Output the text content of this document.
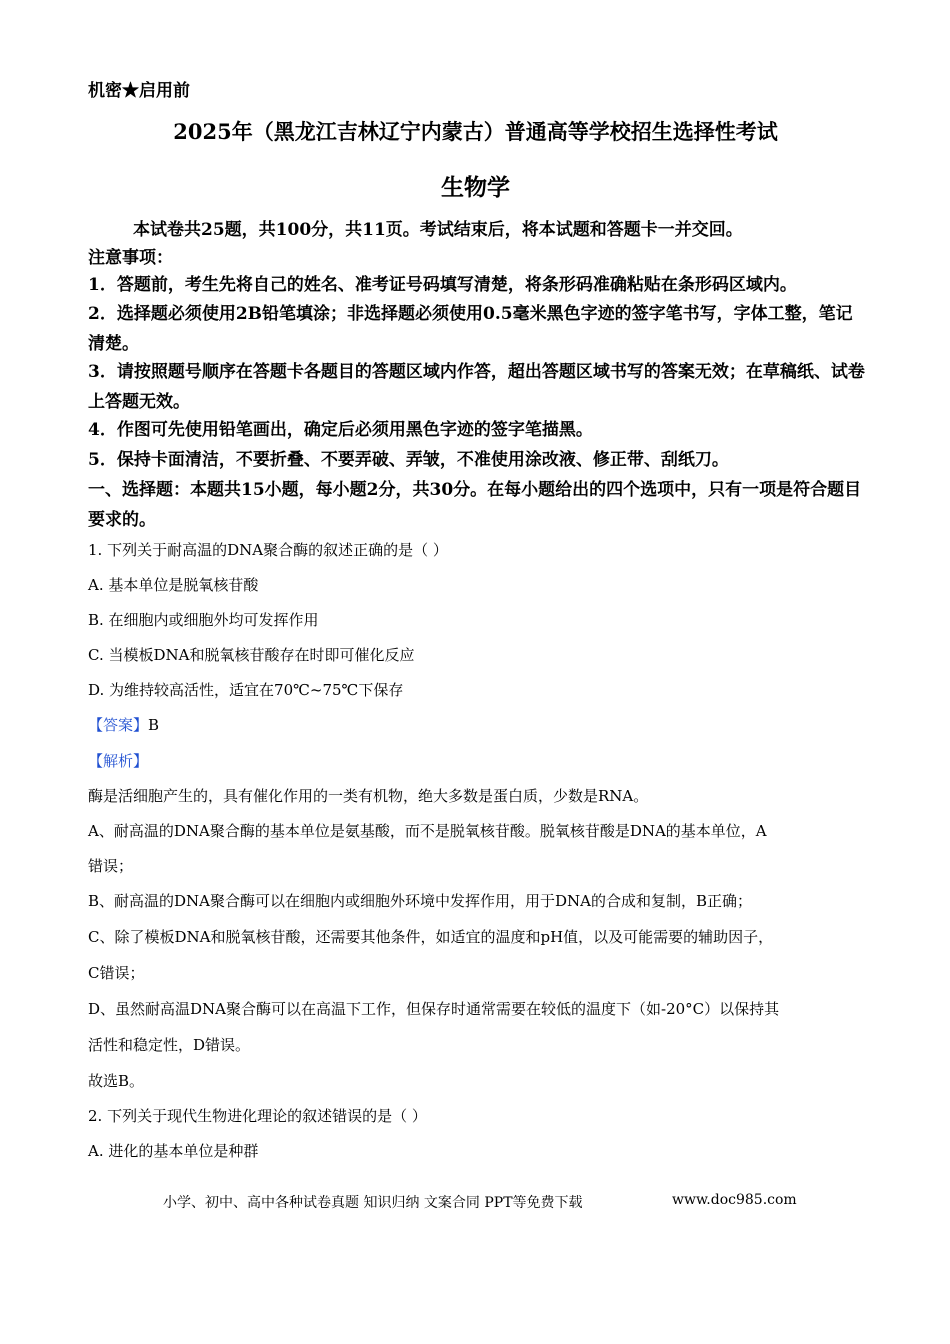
机密★启用前
2025年（黑龙江吉林辽宁内蒙古）普通高等学校招生选择性考试
生物学
本试卷共25题，共100分，共11页。考试结束后，将本试题和答题卡一并交回。
注意事项：
1．答题前，考生先将自己的姓名、准考证号码填写清楚，将条形码准确粘贴在条形码区域内。
2．选择题必须使用2B铅笔填涂；非选择题必须使用0.5毫米黑色字迹的签字笔书写，字体工整，笔记清楚。
3．请按照题号顺序在答题卡各题目的答题区域内作答，超出答题区域书写的答案无效；在草稿纸、试卷上答题无效。
4．作图可先使用铅笔画出，确定后必须用黑色字迹的签字笔描黑。
5．保持卡面清洁，不要折叠、不要弄破、弄皱，不准使用涂改液、修正带、刮纸刀。
一、选择题：本题共15小题，每小题2分，共30分。在每小题给出的四个选项中，只有一项是符合题目要求的。
1. 下列关于耐高温的DNA聚合酶的叙述正确的是（ ）
A. 基本单位是脱氧核苷酸
B. 在细胞内或细胞外均可发挥作用
C. 当模板DNA和脱氧核苷酸存在时即可催化反应
D. 为维持较高活性，适宜在70℃~75℃下保存
【答案】B
【解析】
酶是活细胞产生的，具有催化作用的一类有机物，绝大多数是蛋白质，少数是RNA。
A、耐高温的DNA聚合酶的基本单位是氨基酸，而不是脱氧核苷酸。脱氧核苷酸是DNA的基本单位，A
错误；
B、耐高温的DNA聚合酶可以在细胞内或细胞外环境中发挥作用，用于DNA的合成和复制，B正确；
C、除了模板DNA和脱氧核苷酸，还需要其他条件，如适宜的温度和pH值，以及可能需要的辅助因子，
C错误；
D、虽然耐高温DNA聚合酶可以在高温下工作，但保存时通常需要在较低的温度下（如-20°C）以保持其
活性和稳定性，D错误。
故选B。
2. 下列关于现代生物进化理论的叙述错误的是（ ）
A. 进化的基本单位是种群
小学、初中、高中各种试卷真题 知识归纳 文案合同 PPT等免费下载	www.doc985.com
